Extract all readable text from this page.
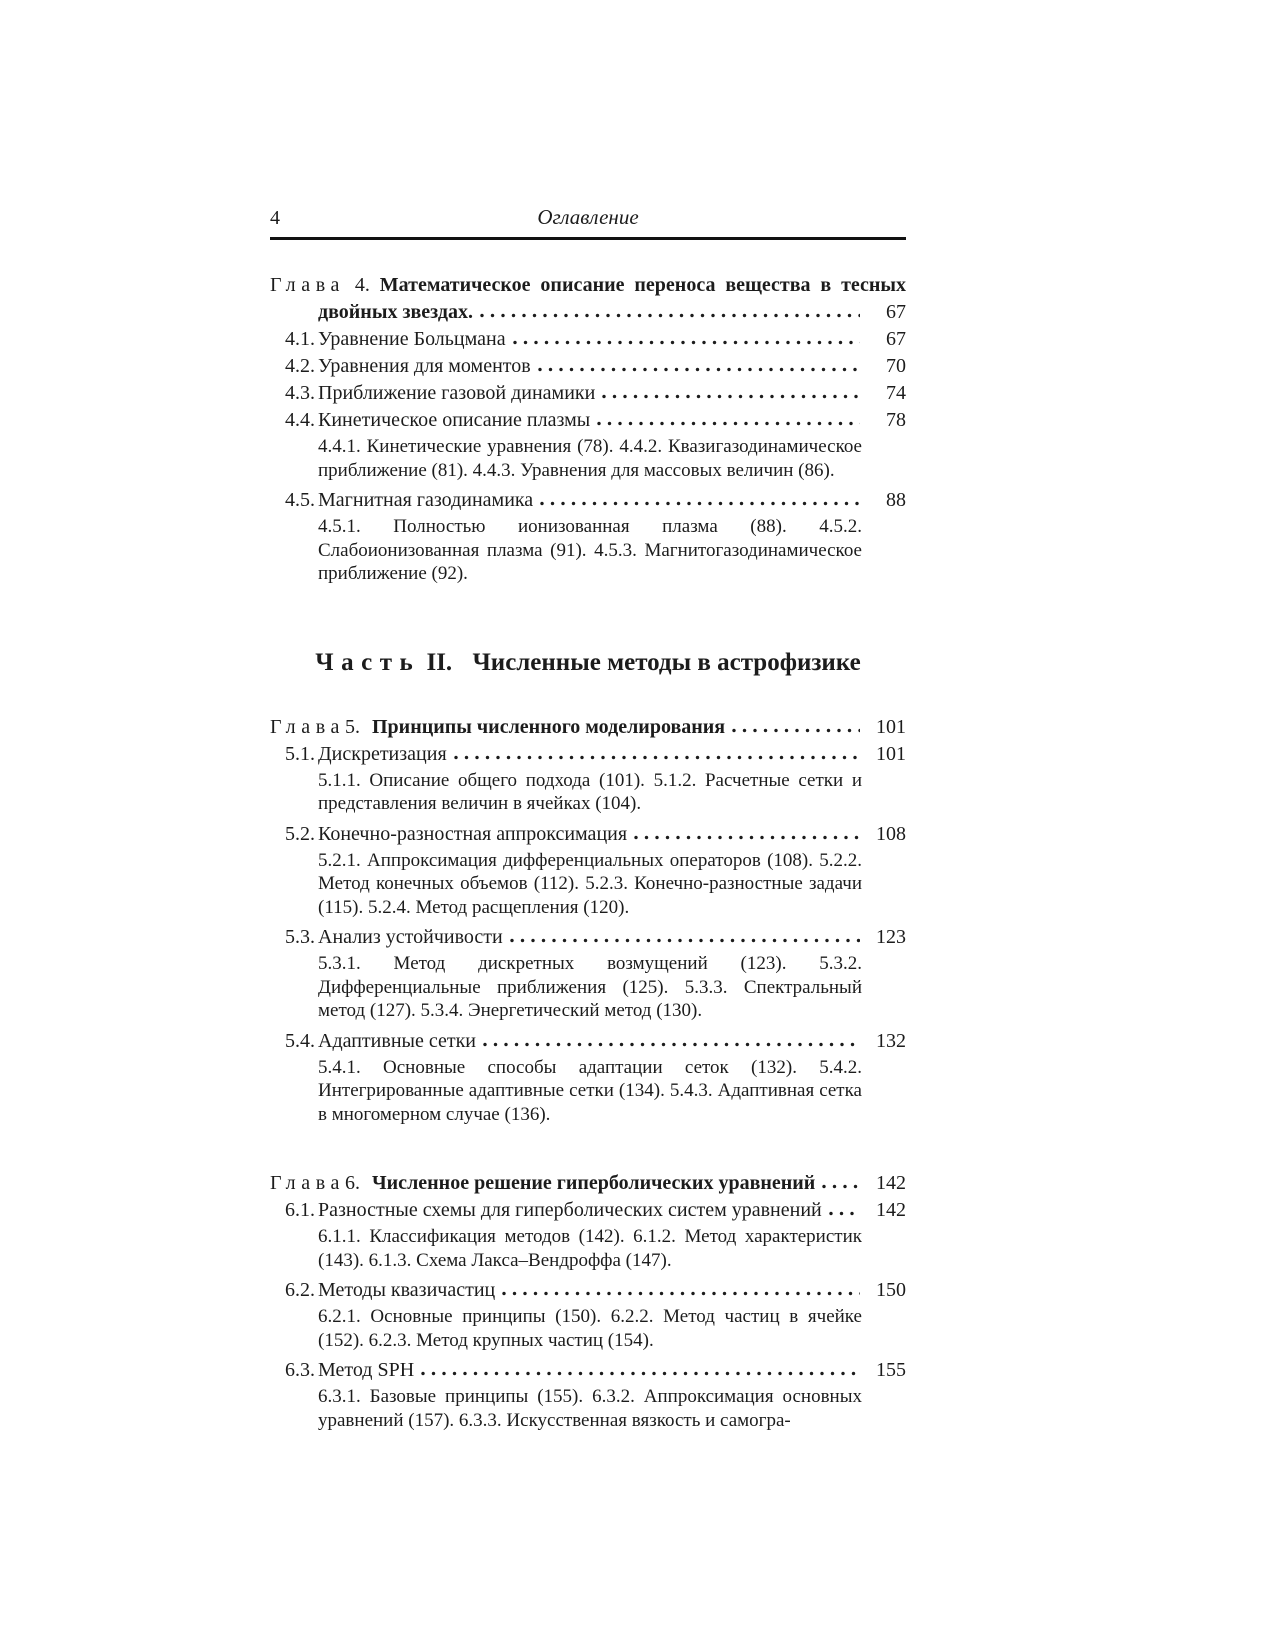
4	Оглавление
Глава 4. Математическое описание переноса вещества в тесных
двойных звездах.	67
4.1. Уравнение Больцмана	67
4.2. Уравнения для моментов	70
4.3. Приближение газовой динамики	74
4.4. Кинетическое описание плазмы	78
4.4.1. Кинетические уравнения (78). 4.4.2. Квазигазодинамическое приближение (81). 4.4.3. Уравнения для массовых величин (86).
4.5. Магнитная газодинамика	88
4.5.1. Полностью ионизованная плазма (88). 4.5.2. Слабоионизованная плазма (91). 4.5.3. Магнитогазодинамическое приближение (92).
Часть II. Численные методы в астрофизике
Глава 5. Принципы численного моделирования	101
5.1. Дискретизация	101
5.1.1. Описание общего подхода (101). 5.1.2. Расчетные сетки и представления величин в ячейках (104).
5.2. Конечно-разностная аппроксимация	108
5.2.1. Аппроксимация дифференциальных операторов (108). 5.2.2. Метод конечных объемов (112). 5.2.3. Конечно-разностные задачи (115). 5.2.4. Метод расщепления (120).
5.3. Анализ устойчивости	123
5.3.1. Метод дискретных возмущений (123). 5.3.2. Дифференциальные приближения (125). 5.3.3. Спектральный метод (127). 5.3.4. Энергетический метод (130).
5.4. Адаптивные сетки	132
5.4.1. Основные способы адаптации сеток (132). 5.4.2. Интегрированные адаптивные сетки (134). 5.4.3. Адаптивная сетка в многомерном случае (136).
Глава 6. Численное решение гиперболических уравнений	142
6.1. Разностные схемы для гиперболических систем уравнений	142
6.1.1. Классификация методов (142). 6.1.2. Метод характеристик (143). 6.1.3. Схема Лакса–Вендроффа (147).
6.2. Методы квазичастиц	150
6.2.1. Основные принципы (150). 6.2.2. Метод частиц в ячейке (152). 6.2.3. Метод крупных частиц (154).
6.3. Метод SPH	155
6.3.1. Базовые принципы (155). 6.3.2. Аппроксимация основных уравнений (157). 6.3.3. Искусственная вязкость и самогра-
